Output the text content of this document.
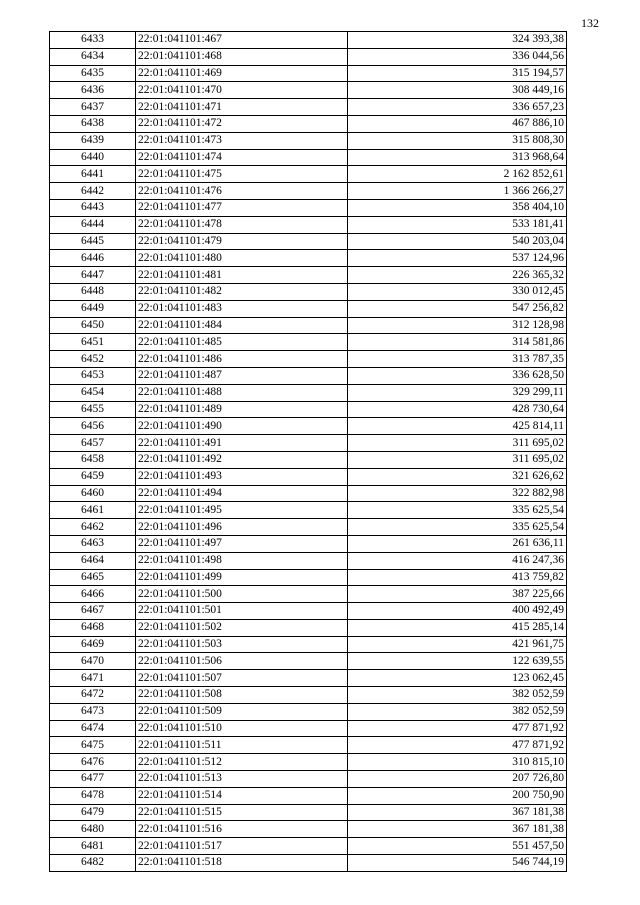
132
6433	22:01:041101:467	324 393,38
6434	22:01:041101:468	336 044,56
6435	22:01:041101:469	315 194,57
6436	22:01:041101:470	308 449,16
6437	22:01:041101:471	336 657,23
6438	22:01:041101:472	467 886,10
6439	22:01:041101:473	315 808,30
6440	22:01:041101:474	313 968,64
6441	22:01:041101:475	2 162 852,61
6442	22:01:041101:476	1 366 266,27
6443	22:01:041101:477	358 404,10
6444	22:01:041101:478	533 181,41
6445	22:01:041101:479	540 203,04
6446	22:01:041101:480	537 124,96
6447	22:01:041101:481	226 365,32
6448	22:01:041101:482	330 012,45
6449	22:01:041101:483	547 256,82
6450	22:01:041101:484	312 128,98
6451	22:01:041101:485	314 581,86
6452	22:01:041101:486	313 787,35
6453	22:01:041101:487	336 628,50
6454	22:01:041101:488	329 299,11
6455	22:01:041101:489	428 730,64
6456	22:01:041101:490	425 814,11
6457	22:01:041101:491	311 695,02
6458	22:01:041101:492	311 695,02
6459	22:01:041101:493	321 626,62
6460	22:01:041101:494	322 882,98
6461	22:01:041101:495	335 625,54
6462	22:01:041101:496	335 625,54
6463	22:01:041101:497	261 636,11
6464	22:01:041101:498	416 247,36
6465	22:01:041101:499	413 759,82
6466	22:01:041101:500	387 225,66
6467	22:01:041101:501	400 492,49
6468	22:01:041101:502	415 285,14
6469	22:01:041101:503	421 961,75
6470	22:01:041101:506	122 639,55
6471	22:01:041101:507	123 062,45
6472	22:01:041101:508	382 052,59
6473	22:01:041101:509	382 052,59
6474	22:01:041101:510	477 871,92
6475	22:01:041101:511	477 871,92
6476	22:01:041101:512	310 815,10
6477	22:01:041101:513	207 726,80
6478	22:01:041101:514	200 750,90
6479	22:01:041101:515	367 181,38
6480	22:01:041101:516	367 181,38
6481	22:01:041101:517	551 457,50
6482	22:01:041101:518	546 744,19
